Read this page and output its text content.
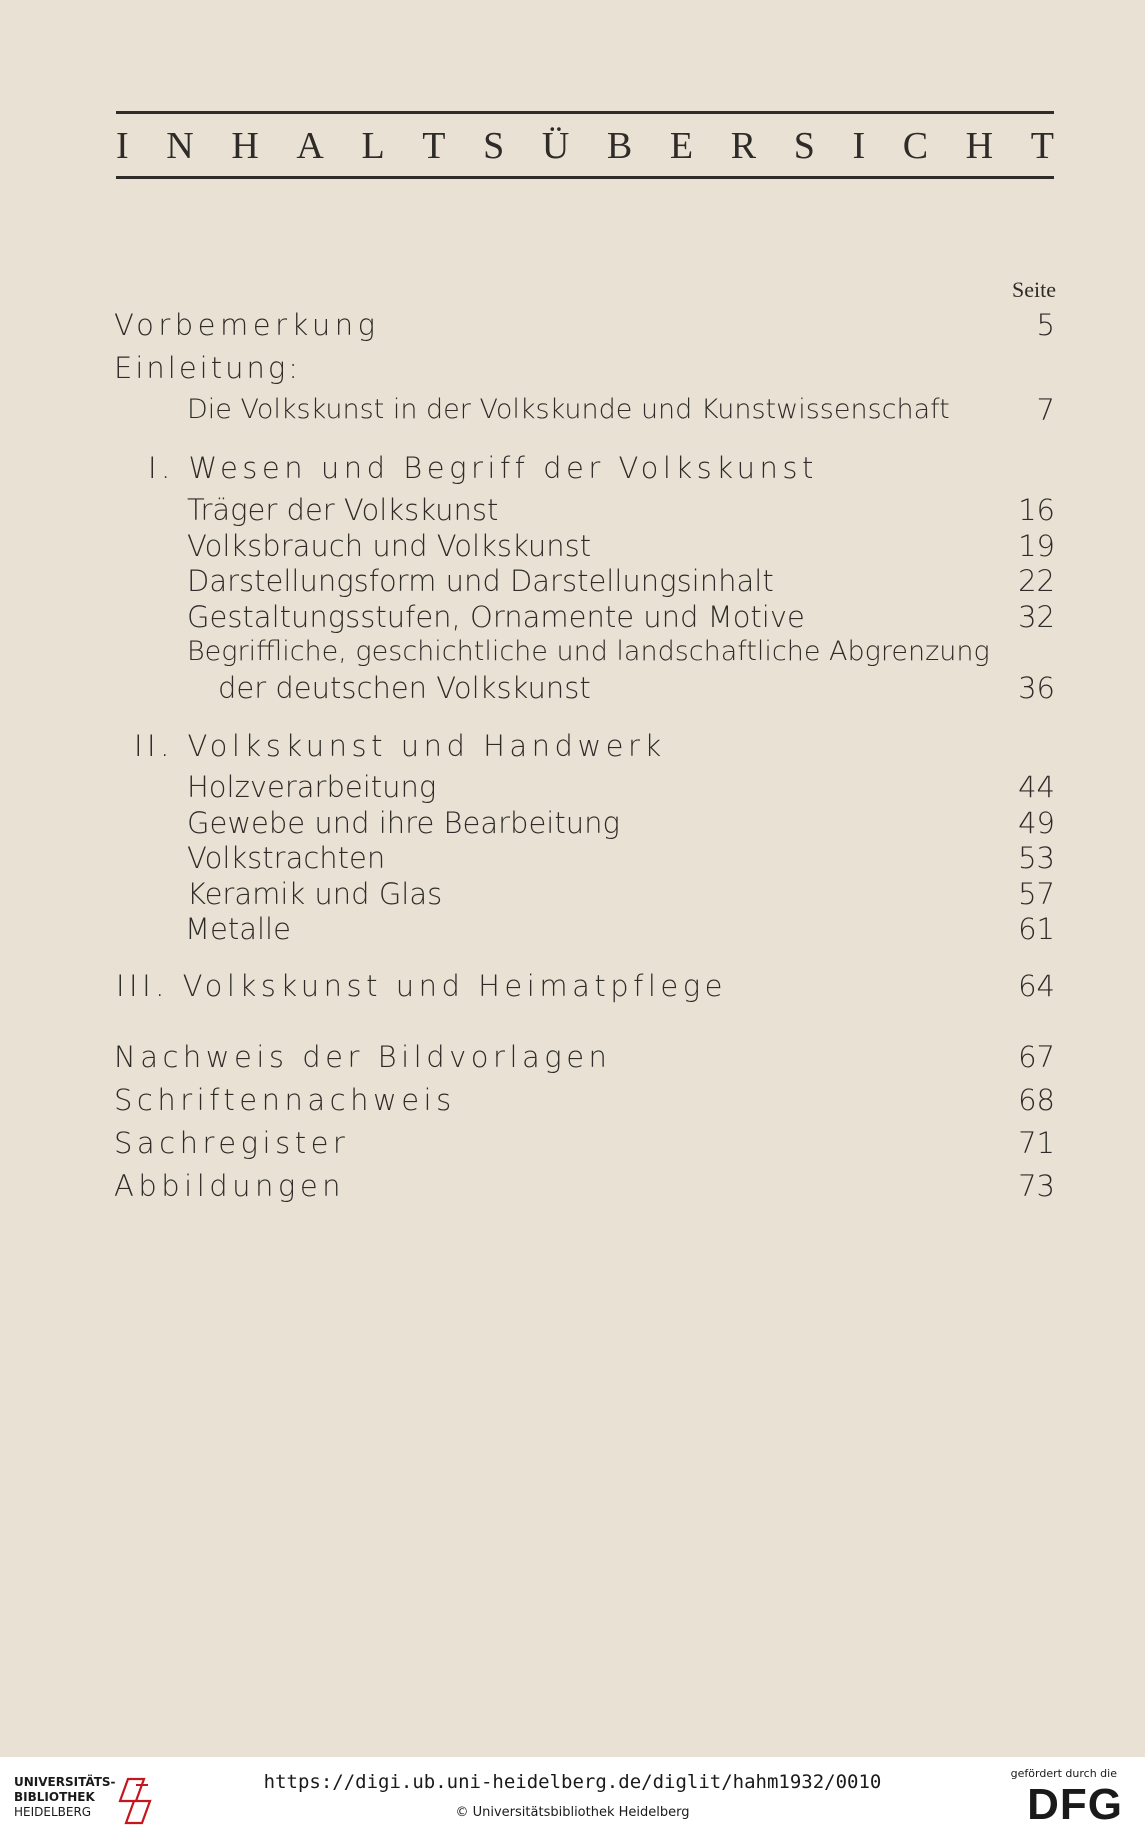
I N H A L T S Ü B E R S I C H T
Seite
Vorbemerkung	5
Einleitung:
Die Volkskunst in der Volkskunde und Kunstwissenschaft	7
I. Wesen und Begriff der Volkskunst
Träger der Volkskunst	16
Volksbrauch und Volkskunst	19
Darstellungsform und Darstellungsinhalt	22
Gestaltungsstufen, Ornamente und Motive	32
Begriffliche, geschichtliche und landschaftliche Abgrenzung
der deutschen Volkskunst	36
II. Volkskunst und Handwerk
Holzverarbeitung	44
Gewebe und ihre Bearbeitung	49
Volkstrachten	53
Keramik und Glas	57
Metalle	61
III. Volkskunst und Heimatpflege	64
Nachweis der Bildvorlagen	67
Schriftennachweis	68
Sachregister	71
Abbildungen	73
UNIVERSITÄTS-
BIBLIOTHEK
HEIDELBERG
https://digi.ub.uni-heidelberg.de/diglit/hahm1932/0010
© Universitätsbibliothek Heidelberg
gefördert durch die
DFG
